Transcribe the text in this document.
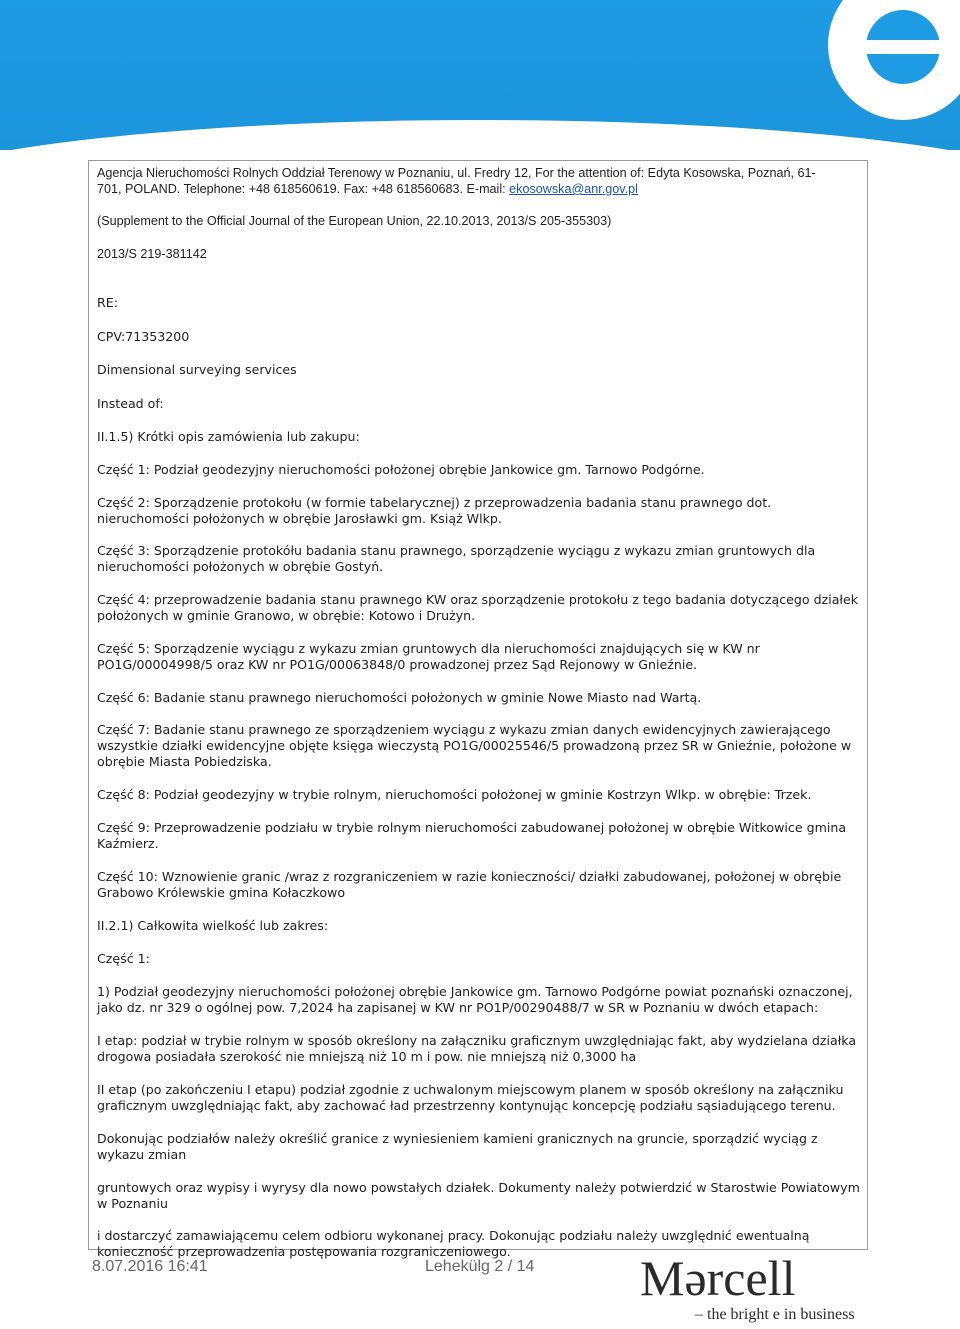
Agencja Nieruchomości Rolnych Oddział Terenowy w Poznaniu, ul. Fredry 12, For the attention of: Edyta Kosowska, Poznań, 61-

701, POLAND. Telephone: +48 618560619. Fax: +48 618560683. E-mail: ekosowska@anr.gov.pl

(Supplement to the Official Journal of the European Union, 22.10.2013, 2013/S 205-355303)

2013/S 219-381142

RE:

CPV:71353200

Dimensional surveying services

Instead of:

II.1.5) Krótki opis zamówienia lub zakupu:

Część 1: Podział geodezyjny nieruchomości położonej obrębie Jankowice gm. Tarnowo Podgórne.

Część 2: Sporządzenie protokołu (w formie tabelarycznej) z przeprowadzenia badania stanu prawnego dot. nieruchomości położonych w obrębie Jarosławki gm. Książ Wlkp.

Część 3: Sporządzenie protokółu badania stanu prawnego, sporządzenie wyciągu z wykazu zmian gruntowych dla nieruchomości położonych w obrębie Gostyń.

Część 4: przeprowadzenie badania stanu prawnego KW oraz sporządzenie protokołu z tego badania dotyczącego działek położonych w gminie Granowo, w obrębie: Kotowo i Drużyn.

Część 5: Sporządzenie wyciągu z wykazu zmian gruntowych dla nieruchomości znajdujących się w KW nr PO1G/00004998/5 oraz KW nr PO1G/00063848/0 prowadzonej przez Sąd Rejonowy w Gnieźnie.

Część 6: Badanie stanu prawnego nieruchomości położonych w gminie Nowe Miasto nad Wartą.

Część 7: Badanie stanu prawnego ze sporządzeniem wyciągu z wykazu zmian danych ewidencyjnych zawierającego wszystkie działki ewidencyjne objęte księga wieczystą PO1G/00025546/5 prowadzoną przez SR w Gnieźnie, położone w obrębie Miasta Pobiedziska.

Część 8: Podział geodezyjny w trybie rolnym, nieruchomości położonej w gminie Kostrzyn Wlkp. w obrębie: Trzek.

Część 9: Przeprowadzenie podziału w trybie rolnym nieruchomości zabudowanej położonej w obrębie Witkowice gmina Kaźmierz.

Część 10: Wznowienie granic /wraz z rozgraniczeniem w razie konieczności/ działki zabudowanej, położonej w obrębie Grabowo Królewskie gmina Kołaczkowo

II.2.1) Całkowita wielkość lub zakres:

Część 1:

1) Podział geodezyjny nieruchomości położonej obrębie Jankowice gm. Tarnowo Podgórne powiat poznański oznaczonej, jako dz. nr 329 o ogólnej pow. 7,2024 ha zapisanej w KW nr PO1P/00290488/7 w SR w Poznaniu w dwóch etapach:

I etap: podział w trybie rolnym w sposób określony na załączniku graficznym uwzględniając fakt, aby wydzielana działka drogowa posiadała szerokość nie mniejszą niż 10 m i pow. nie mniejszą niż 0,3000 ha

II etap (po zakończeniu I etapu) podział zgodnie z uchwalonym miejscowym planem w sposób określony na załączniku graficznym uwzględniając fakt, aby zachować ład przestrzenny kontynując koncepcję podziału sąsiadującego terenu.

Dokonując podziałów należy określić granice z wyniesieniem kamieni granicznych na gruncie, sporządzić wyciąg z wykazu zmian

gruntowych oraz wypisy i wyrysy dla nowo powstałych działek. Dokumenty należy potwierdzić w Starostwie Powiatowym w Poznaniu

i dostarczyć zamawiającemu celem odbioru wykonanej pracy. Dokonując podziału należy uwzględnić ewentualną konieczność przeprowadzenia postępowania rozgraniczeniowego.

8.07.2016 16:41	Lehekülg 2 / 14 Mərcell
– the bright e in business
